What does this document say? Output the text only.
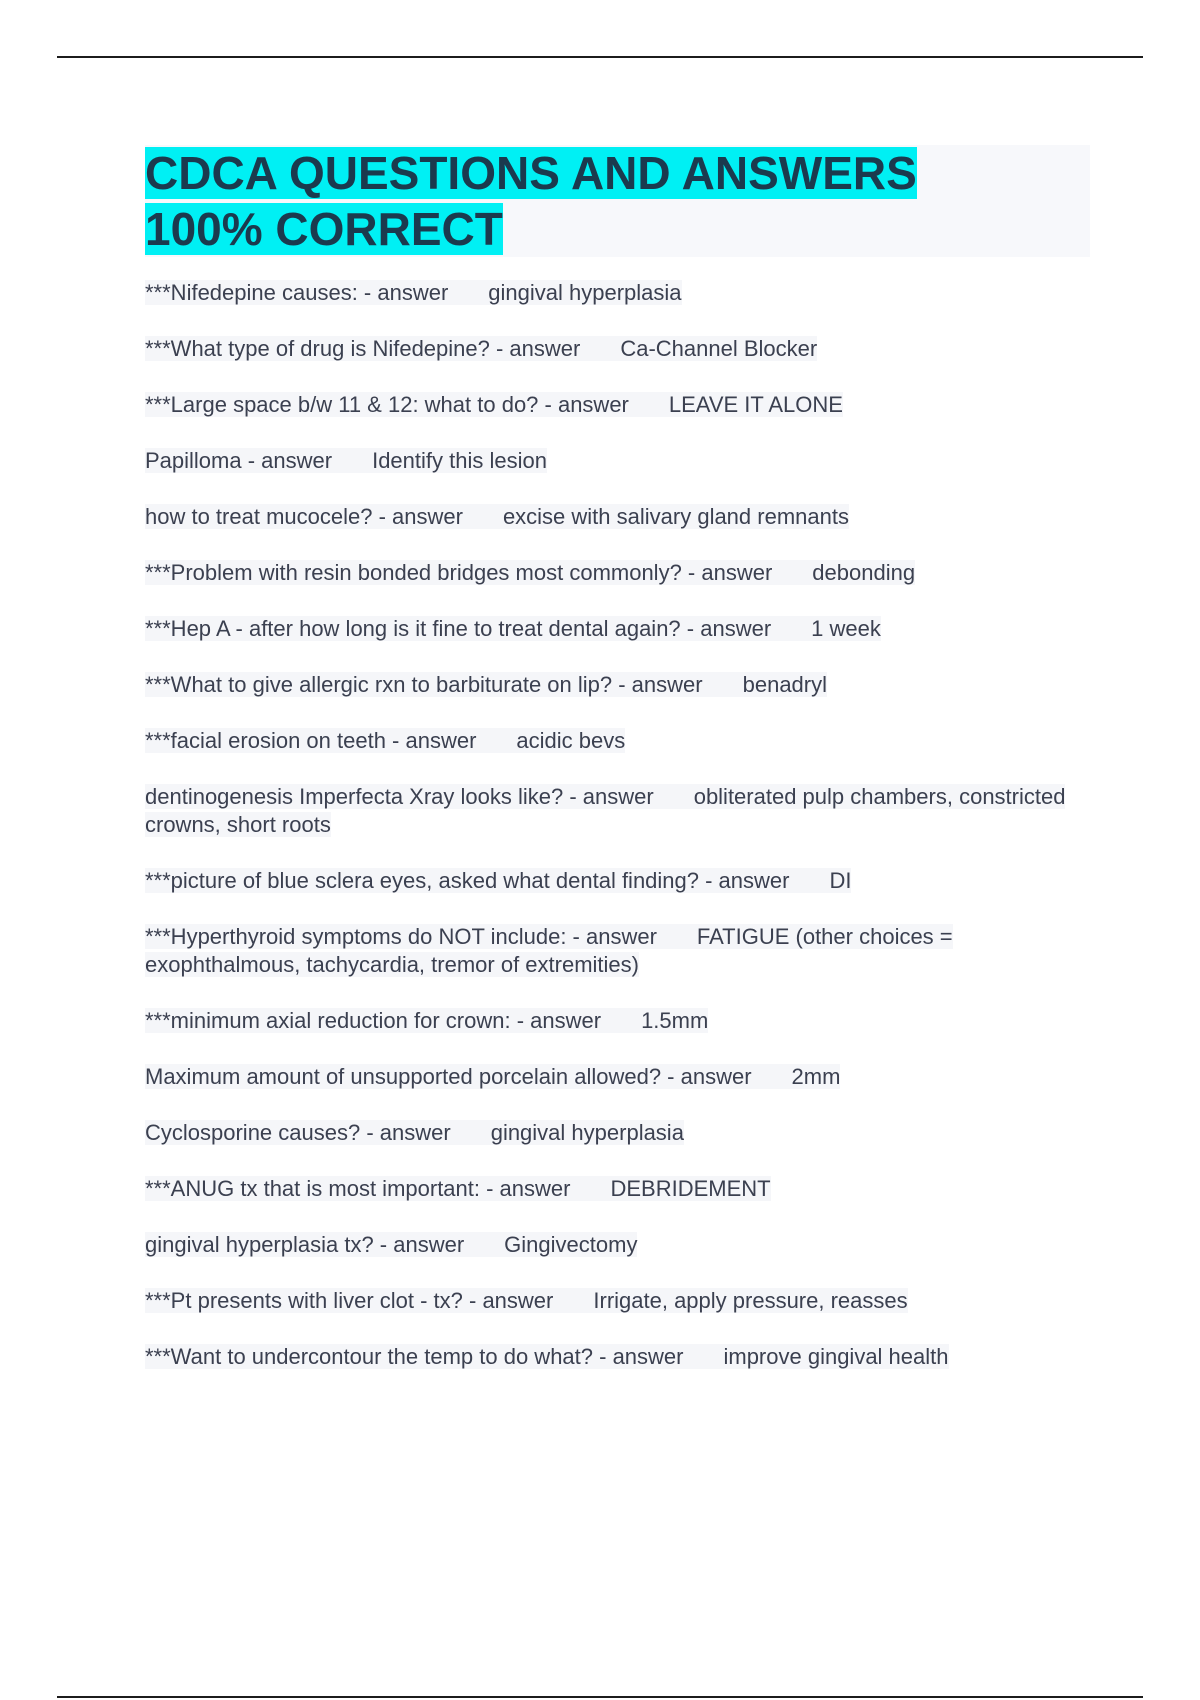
CDCA QUESTIONS AND ANSWERS
100% CORRECT
***Nifedepine causes: - answer gingival hyperplasia
***What type of drug is Nifedepine? - answer Ca-Channel Blocker
***Large space b/w 11 & 12: what to do? - answer LEAVE IT ALONE
Papilloma - answer Identify this lesion
how to treat mucocele? - answer excise with salivary gland remnants
***Problem with resin bonded bridges most commonly? - answer debonding
***Hep A - after how long is it fine to treat dental again? - answer 1 week
***What to give allergic rxn to barbiturate on lip? - answer benadryl
***facial erosion on teeth - answer acidic bevs
dentinogenesis Imperfecta Xray looks like? - answer obliterated pulp chambers, constricted crowns, short roots
***picture of blue sclera eyes, asked what dental finding? - answer DI
***Hyperthyroid symptoms do NOT include: - answer FATIGUE (other choices = exophthalmous, tachycardia, tremor of extremities)
***minimum axial reduction for crown: - answer 1.5mm
Maximum amount of unsupported porcelain allowed? - answer 2mm
Cyclosporine causes? - answer gingival hyperplasia
***ANUG tx that is most important: - answer DEBRIDEMENT
gingival hyperplasia tx? - answer Gingivectomy
***Pt presents with liver clot - tx? - answer Irrigate, apply pressure, reasses
***Want to undercontour the temp to do what? - answer improve gingival health
